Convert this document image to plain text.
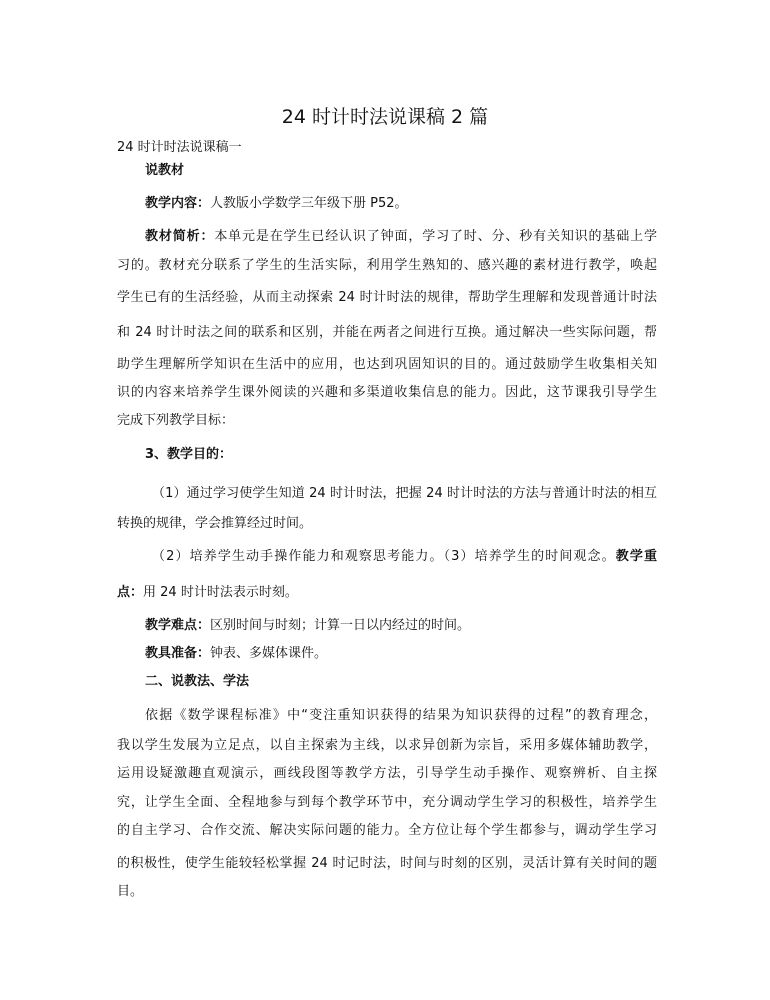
24 时计时法说课稿 2 篇
24 时计时法说课稿一
说教材
教学内容：人教版小学数学三年级下册 P52。
教材简析：本单元是在学生已经认识了钟面，学习了时、分、秒有关知识的基础上学
习的。教材充分联系了学生的生活实际，利用学生熟知的、感兴趣的素材进行教学，唤起
学生已有的生活经验，从而主动探索 24 时计时法的规律，帮助学生理解和发现普通计时法
和 24 时计时法之间的联系和区别，并能在两者之间进行互换。通过解决一些实际问题，帮
助学生理解所学知识在生活中的应用，也达到巩固知识的目的。通过鼓励学生收集相关知
识的内容来培养学生课外阅读的兴趣和多渠道收集信息的能力。因此，这节课我引导学生
完成下列教学目标：
3、教学目的：
（1）通过学习使学生知道 24 时计时法，把握 24 时计时法的方法与普通计时法的相互
转换的规律，学会推算经过时间。
（2）培养学生动手操作能力和观察思考能力。（3）培养学生的时间观念。教学重
点：用 24 时计时法表示时刻。
教学难点：区别时间与时刻；计算一日以内经过的时间。
教具准备：钟表、多媒体课件。
二、说教法、学法
依据《数学课程标准》中“变注重知识获得的结果为知识获得的过程”的教育理念，
我以学生发展为立足点，以自主探索为主线，以求异创新为宗旨，采用多媒体辅助教学，
运用设疑激趣直观演示，画线段图等教学方法，引导学生动手操作、观察辨析、自主探
究，让学生全面、全程地参与到每个教学环节中，充分调动学生学习的积极性，培养学生
的自主学习、合作交流、解决实际问题的能力。全方位让每个学生都参与，调动学生学习
的积极性，使学生能较轻松掌握 24 时记时法，时间与时刻的区别，灵活计算有关时间的题
目。
